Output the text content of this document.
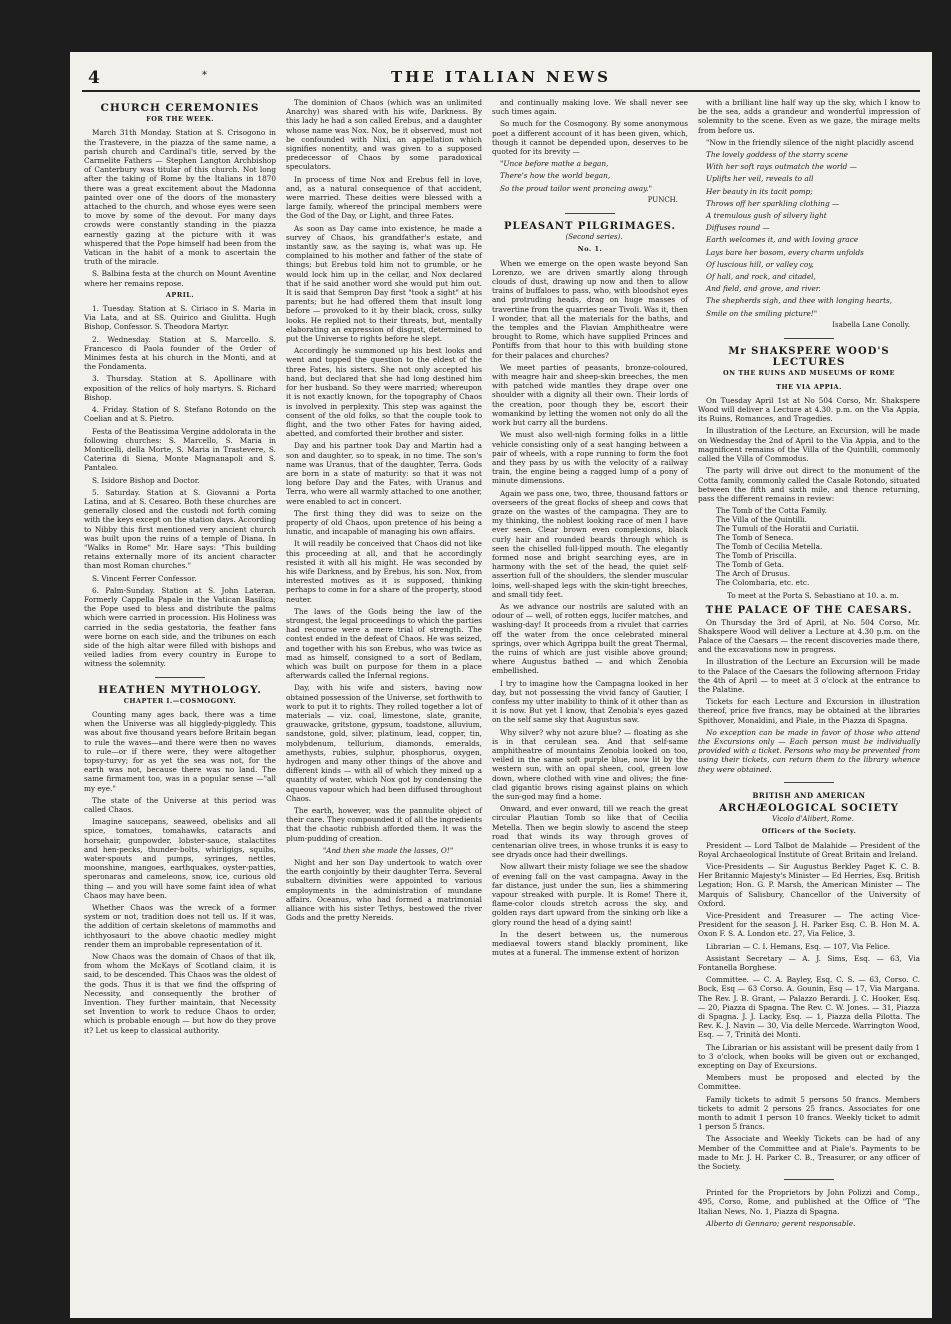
4	*	THE ITALIAN NEWS
CHURCH CEREMONIES
FOR THE WEEK.

March 31th Monday. Station at S. Crisogono in the Trastevere, in the piazza of the same name, a parish church and Cardinal's title, served by the Carmelite Fathers — Stephen Langton Archbishop of Canterbury was titular of this church. Not long after the taking of Rome by the Italians in 1870 there was a great excitement about the Madonna painted over one of the doors of the monastery attached to the church, and whose eyes were seen to move by some of the devout. For many days crowds were constantly standing in the piazza earnestly gazing at the picture with it was whispered that the Pope himself had been from the Vatican in the habit of a monk to ascertain the truth of the miracle.

S. Balbina festa at the church on Mount Aventine where her remains repose.

APRIL.

1. Tuesday. Station at S. Ciriaco in S. Maria in Via Lata, and at SS. Quirico and Giulitta. Hugh Bishop, Confessor. S. Theodora Martyr.

2. Wednesday. Station at S. Marcello. S. Francesco di Paola founder of the Order of Minimes festa at his church in the Monti, and at the Fondamenta.

3. Thursday. Station at S. Apollinare with exposition of the relics of holy martyrs. S. Richard Bishop.

4. Friday. Station of S. Stefano Rotondo on the Coelian and at S. Pietro.

Festa of the Beatissima Vergine addolorata in the following churches: S. Marcello, S. Maria in Monticelli, della Morte, S. Maria in Trastevere, S. Caterina di Siena, Monte Magnanapoli and S. Pantaleo.

S. Isidore Bishop and Doctor.

5. Saturday. Station at S. Giovanni a Porta Latina, and at S. Cesareo. Both these churches are generally closed and the custodi not forth coming with the keys except on the station days. According to Nibby this first mentioned very ancient church was built upon the ruins of a temple of Diana. In "Walks in Rome" Mr. Hare says: "This building retains externally more of its ancient character than most Roman churches."

S. Vincent Ferrer Confessor.

6. Palm-Sunday. Station at S. John Lateran. Formerly Cappella Papale in the Vatican Basilica; the Pope used to bless and distribute the palms which were carried in procession. His Holiness was carried in the sedia gestatoria, the feather fans were borne on each side, and the tribunes on each side of the high altar were filled with bishops and veiled ladies from every country in Europe to witness the solemnity.

HEATHEN MYTHOLOGY.
CHAPTER I.—COSMOGONY.

Counting many ages back, there was a time when the Universe was all higgledy-piggledy. This was about five thousand years before Britain began to rule the waves—and there were then no waves to rule—or if there were, they were altogether topsy-turvy; for as yet the sea was not, for the earth was not, because there was no land. The same firmament too, was in a popular sense —"all my eye."

The state of the Universe at this period was called Chaos.

Imagine saucepans, seaweed, obelisks and all spice, tomatoes, tomahawks, cataracts and horsehair, gunpowder, lobster-sauce, stalactites and hen-pecks, thunder-bolts, whirligigs, squibs, water-spouts and pumps, syringes, nettles, moonshine, mangoes, earthquakes, oyster-patties, speronaras and cameleons, snow, ice, curious old thing — and you will have some faint idea of what Chaos may have been.

Whether Chaos was the wreck of a former system or not, tradition does not tell us. If it was, the addition of certain skeletons of mammoths and ichthyosauri to the above chaotic medley might render them an improbable representation of it.

Now Chaos was the domain of Chaos of that ilk, from whom the McKays of Scotland claim, it is said, to be descended. This Chaos was the oldest of the gods. Thus it is that we find the offspring of Necessity, and consequently the brother of Invention. They further maintain, that Necessity set Invention to work to reduce Chaos to order, which is probable enough — but how do they prove it? Let us keep to classical authority.

The dominion of Chaos (which was an unlimited Anarchy) was shared with his wife, Darkness. By this lady he had a son called Erebus, and a daughter whose name was Nox. Nox, be it observed, must not be confounded with Nixi, an appellation which signifies nonentity, and was given to a supposed predecessor of Chaos by some paradoxical speculators.

In process of time Nox and Erebus fell in love, and, as a natural consequence of that accident, were married. These deities were blessed with a large family, whereof the principal members were the God of the Day, or Light, and three Fates.

As soon as Day came into existence, he made a survey of Chaos, his grandfather's estate, and instantly saw, as the saying is, what was up. He complained to his mother and father of the state of things; but Erebus told him not to grumble, or he would lock him up in the cellar, and Nox declared that if he said another word she would put him out. It is said that Sempron Day first "took a sight" at his parents; but he had offered them that insult long before — provoked to it by their black, cross, sulky looks. He replied not to their threats, but, mentally elaborating an expression of disgust, determined to put the Universe to rights before he slept.

Accordingly he summoned up his best looks and went and topped the question to the eldest of the three Fates, his sisters. She not only accepted his hand, but declared that she had long destined him for her husband. So they were married; whereupon it is not exactly known, for the topography of Chaos is involved in perplexity. This step was against the consent of the old folks, so that the couple took to flight, and the two other Fates for having aided, abetted, and comforted their brother and sister.

Day and his partner took Day and Martin had a son and daughter, so to speak, in no time. The son's name was Uranus, that of the daughter, Terra. Gods are born in a state of maturity: so that it was not long before Day and the Fates, with Uranus and Terra, who were all warmly attached to one another, were enabled to act in concert.

The first thing they did was to seize on the property of old Chaos, upon pretence of his being a lunatic, and incapable of managing his own affairs.

It will readily be conceived that Chaos did not like this proceeding at all, and that he accordingly resisted it with all his might. He was seconded by his wife Darkness, and by Erebus, his son. Nox, from interested motives as it is supposed, thinking perhaps to come in for a share of the property, stood neuter.

The laws of the Gods being the law of the strongest, the legal proceedings to which the parties had recourse were a mere trial of strength. The contest ended in the defeat of Chaos. He was seized, and together with his son Erebus, who was twice as mad as himself, consigned to a sort of Bedlam, which was built on purpose for them in a place afterwards called the Infernal regions.

Day, with his wife and sisters, having now obtained possession of the Universe, set forthwith to work to put it to rights. They rolled together a lot of materials — viz. coal, limestone, slate, granite, grauwacke, gritstone, gypsum, toadstone, alluvium, sandstone, gold, silver, platinum, lead, copper, tin, molybdenum, tellurium, diamonds, emeralds, amethysts, rubies, sulphur, phosphorus, oxygen, hydrogen and many other things of the above and different kinds — with all of which they mixed up a quantity of water, which Nox got by condensing the aqueous vapour which had been diffused throughout Chaos.

The earth, however, was the pannulite object of their care. They compounded it of all the ingredients that the chaotic rubbish afforded them. It was the plum-pudding of creation.

"And then she made the lasses, O!"

Night and her son Day undertook to watch over the earth conjointly by their daughter Terra. Several subaltern divinities were appointed to various employments in the administration of mundane affairs. Oceanus, who had formed a matrimonial alliance with his sister Tethys, bestowed the river Gods and the pretty Nereids.

and continually making love. We shall never see such times again.

So much for the Cosmogony. By some anonymous poet a different account of it has been given, which, though it cannot be depended upon, deserves to be quoted for its brevity —

"Unce before mathe a began,

There's how the world began,

So the proud tailor went prancing away."

PUNCH.
PLEASANT PILGRIMAGES.

(Second series).

No. 1.

When we emerge on the open waste beyond San Lorenzo, we are driven smartly along through clouds of dust, drawing up now and then to allow trains of buffaloes to pass, who, with bloodshot eyes and protruding heads, drag on huge masses of travertine from the quarries near Tivoli. Was it, then I wonder, that all the materials for the baths, and the temples and the Flavian Amphitheatre were brought to Rome, which have supplied Princes and Pontiffs from that hour to this with building stone for their palaces and churches?

We meet parties of peasants, bronze-coloured, with meagre hair and sheep-skin breeches, the men with patched wide mantles they drape over one shoulder with a dignity all their own. Their lords of the creation, poor though they be, escort their womankind by letting the women not only do all the work but carry all the burdens.

We must also well-nigh forming folks in a little vehicle consisting only of a seat hanging between a pair of wheels, with a rope running to form the foot and they pass by us with the velocity of a railway train, the engine being a ragged lump of a pony of minute dimensions.

Again we pass one, two, three, thousand fattors or overseers of the great flocks of sheep and cows that graze on the wastes of the campagna. They are to my thinking, the noblest looking race of men I have ever seen. Clear brown even complexions, black curly hair and rounded beards through which is seen the chiselled full-lipped mouth. The elegantly formed nose and bright searching eyes, are in harmony with the set of the head, the quiet self-assertion full of the shoulders, the slender muscular loins, well-shaped legs with the skin-tight breeches, and small tidy feet.

As we advance our nostrils are saluted with an odour of — well, of rotten eggs, lucifer matches, and washing-day! It proceeds from a rivulet that carries off the water from the once celebrated mineral springs, over which Agrippa built the great Thermal, the ruins of which are just visible above ground; where Augustus bathed — and which Zenobia embellished.

I try to imagine how the Campagna looked in her day, but not possessing the vivid fancy of Gautier, I confess my utter inability to think of it other than as it is now. But yet I know, that Zenobia's eyes gazed on the self same sky that Augustus saw.

Why silver? why not azure blue? — floating as she is in that cerulean sea. And that self-same amphitheatre of mountains Zenobia looked on too, veiled in the same soft purple blue, now lit by the western sun, with an opal sheen, cool, green low down, where clothed with vine and olives; the fine-clad gigantic brows rising against plains on which the sun-god may find a home.

Onward, and ever onward, till we reach the great circular Plautian Tomb so like that of Cecilia Metella. Then we begin slowly to ascend the steep road that winds its way through groves of centenarian olive trees, in whose trunks it is easy to see dryads once had their dwellings.

Now allwart their misty foliage we see the shadow of evening fall on the vast campagna. Away in the far distance, just under the sun, lies a shimmering vapour streaked with purple. It is Rome! There it, flame-color clouds stretch across the sky, and golden rays dart upward from the sinking orb like a glory round the head of a dying saint!

In the desert between us, the numerous mediaeval towers stand blackly prominent, like mutes at a funeral. The immense extent of horizon

with a brilliant line half way up the sky, which I know to be the sea, adds a grandeur and wonderful impression of solemnity to the scene. Even as we gaze, the mirage melts from before us.

"Now in the friendly silence of the night placidly ascend

The lovely goddess of the starry scene

With her soft rays outmatch the world —

Uplifts her veil, reveals to all

Her beauty in its tacit pomp;

Throws off her sparkling clothing —

A tremulous gush of silvery light

Diffuses round —

Earth welcomes it, and with loving grace

Lays bare her bosom, every charm unfolds

Of luscious hill, or valley coy,

Of hall, and rock, and citadel,

And field, and grove, and river.

The shepherds sigh, and thee with longing hearts,

Smile on the smiling picture!"

Isabella Lane Conolly.
Mr SHAKSPERE WOOD'S
LECTURES
ON THE RUINS AND MUSEUMS OF ROME
THE VIA APPIA.

On Tuesday April 1st at No 504 Corso, Mr. Shakspere Wood will deliver a Lecture at 4.30. p.m. on the Via Appia, its Ruins, Romances, and Tragedies.

In illustration of the Lecture, an Excursion, will be made on Wednesday the 2nd of April to the Via Appia, and to the magnificent remains of the Villa of the Quintilli, commonly called the Villa of Commodus.

The party will drive out direct to the monument of the Cotta family, commonly called the Casale Rotondo, situated between the fifth and sixth mile, and thence returning, pass the different remains in review:

The Tomb of the Cotta Family.
The Villa of the Quintilli.
The Tumuli of the Horatii and Curiatii.
The Tomb of Seneca.
The Tomb of Cecilia Metella.
The Tomb of Priscilla.
The Tomb of Geta.
The Arch of Drusus.
The Colombaria, etc. etc.

To meet at the Porta S. Sebastiano at 10. a. m.

THE PALACE OF THE CAESARS.

On Thursday the 3rd of April, at No. 504 Corso, Mr. Shakspere Wood will deliver a Lecture at 4.30 p.m. on the Palace of the Caesars — the recent discoveries made there, and the excavations now in progress.

In illustration of the Lecture an Excursion will be made to the Palace of the Caesars the following afternoon Friday the 4th of April — to meet at 3 o'clock at the entrance to the Palatine.

Tickets for each Lecture and Excursion in illustration thereof, price five francs, may be obtained at the libraries Spithover, Monaldini, and Piale, in the Piazza di Spagna.

No exception can be made in favor of those who attend the Excursions only — Each person must be individually provided with a ticket. Persons who may be prevented from using their tickets, can return them to the library whence they were obtained.

BRITISH AND AMERICAN
ARCHÆOLOGICAL SOCIETY

Vicolo d'Alibert, Rome.

Officers of the Society.

President — Lord Talbot de Malahide — President of the Royal Archaeological Institute of Great Britain and Ireland.

Vice-Presidents — Sir Augustus Berkley Paget K. C. B. Her Britannic Majesty's Minister — Ed Herries, Esq. British Legation; Hon. G. P. Marsh, the American Minister — The Marquis of Salisbury, Chancellor of the University of Oxford.

Vice-President and Treasurer — The acting Vice-President for the season J. H. Parker Esq. C. B. Hon M. A. Oxon F. S. A. London etc. 27, Via Felice, 3.

Librarian — C. I. Hemans, Esq. — 107, Via Felice.

Assistant Secretary — A. J. Sims, Esq. — 63, Via Fontanella Borghese.

Committee. — C. A. Bayley, Esq. C. S. — 63, Corso. C. Bock, Esq — 63 Corso. A. Gounin, Esq — 17, Via Margana. The Rev. J. B. Grant, — Palazzo Berardi. J. C. Hooker, Esq. — 20, Piazza di Spagna. The Rev. C. W. Jones. — 31, Piazza di Spagna. J. J. Lacky, Esq. — 1, Piazza della Pilotta. The Rev. K. J. Navin — 30, Via delle Mercede. Warrington Wood, Esq. — 7, Trinità dei Monti.

The Librarian or his assistant will be present daily from 1 to 3 o'clock, when books will be given out or exchanged, excepting on Day of Excursions.

Members must be proposed and elected by the Committee.

Family tickets to admit 5 persons 50 francs. Members tickets to admit 2 persons 25 francs. Associates for one month to admit 1 person 10 francs. Weekly ticket to admit 1 person 5 francs.

The Associate and Weekly Tickets can be had of any Member of the Committee and at Piale's. Payments to be made to Mr. J. H. Parker C. B., Treasurer, or any officer of the Society.

Printed for the Proprietors by John Polizzi and Comp., 495, Corso, Rome, and published at the Office of "The Italian News, No. 1, Piazza di Spagna.

Alberto di Gennaro; gerent responsable.
